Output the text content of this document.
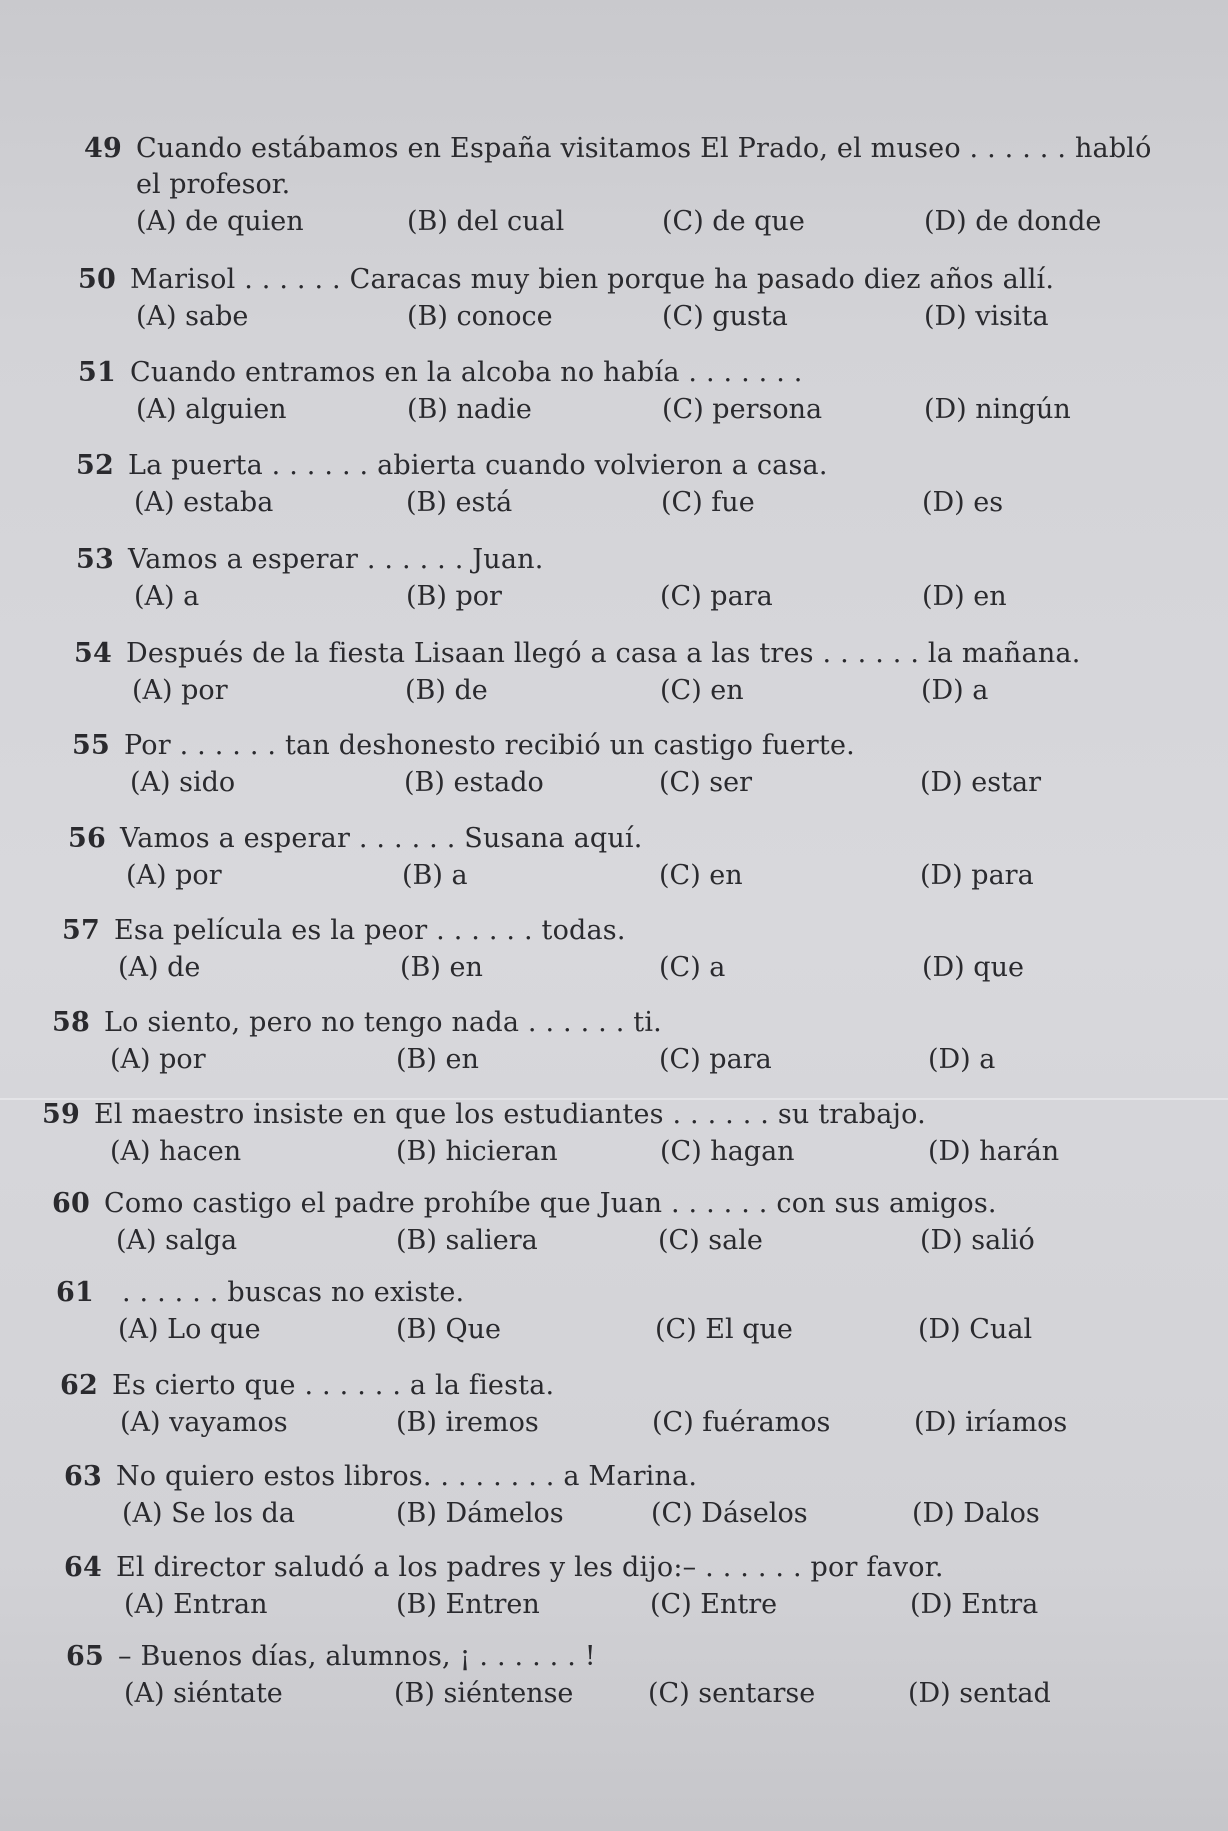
49 Cuando estábamos en España visitamos El Prado, el museo . . . . . . habló
el profesor.
(A) de quien	(B) del cual	(C) de que	(D) de donde
50 Marisol . . . . . . Caracas muy bien porque ha pasado diez años allí.
(A) sabe	(B) conoce	(C) gusta	(D) visita
51 Cuando entramos en la alcoba no había . . . . . . .
(A) alguien	(B) nadie	(C) persona	(D) ningún
52 La puerta . . . . . . abierta cuando volvieron a casa.
(A) estaba	(B) está	(C) fue	(D) es
53 Vamos a esperar . . . . . . Juan.
(A) a	(B) por	(C) para	(D) en
54 Después de la fiesta Lisaan llegó a casa a las tres . . . . . . la mañana.
(A) por	(B) de	(C) en	(D) a
55 Por . . . . . . tan deshonesto recibió un castigo fuerte.
(A) sido	(B) estado	(C) ser	(D) estar
56 Vamos a esperar . . . . . . Susana aquí.
(A) por	(B) a	(C) en	(D) para
57 Esa película es la peor . . . . . . todas.
(A) de	(B) en	(C) a	(D) que
58 Lo siento, pero no tengo nada . . . . . . ti.
(A) por	(B) en	(C) para	(D) a
59 El maestro insiste en que los estudiantes . . . . . . su trabajo.
(A) hacen	(B) hicieran	(C) hagan	(D) harán
60 Como castigo el padre prohíbe que Juan . . . . . . con sus amigos.
(A) salga	(B) saliera	(C) sale	(D) salió
61 . . . . . . buscas no existe.
(A) Lo que	(B) Que	(C) El que	(D) Cual
62 Es cierto que . . . . . . a la fiesta.
(A) vayamos	(B) iremos	(C) fuéramos	(D) iríamos
63 No quiero estos libros. . . . . . . . a Marina.
(A) Se los da	(B) Dámelos	(C) Dáselos	(D) Dalos
64 El director saludó a los padres y les dijo:– . . . . . . por favor.
(A) Entran	(B) Entren	(C) Entre	(D) Entra
65 – Buenos días, alumnos, ¡ . . . . . . !
(A) siéntate	(B) siéntense	(C) sentarse	(D) sentad
